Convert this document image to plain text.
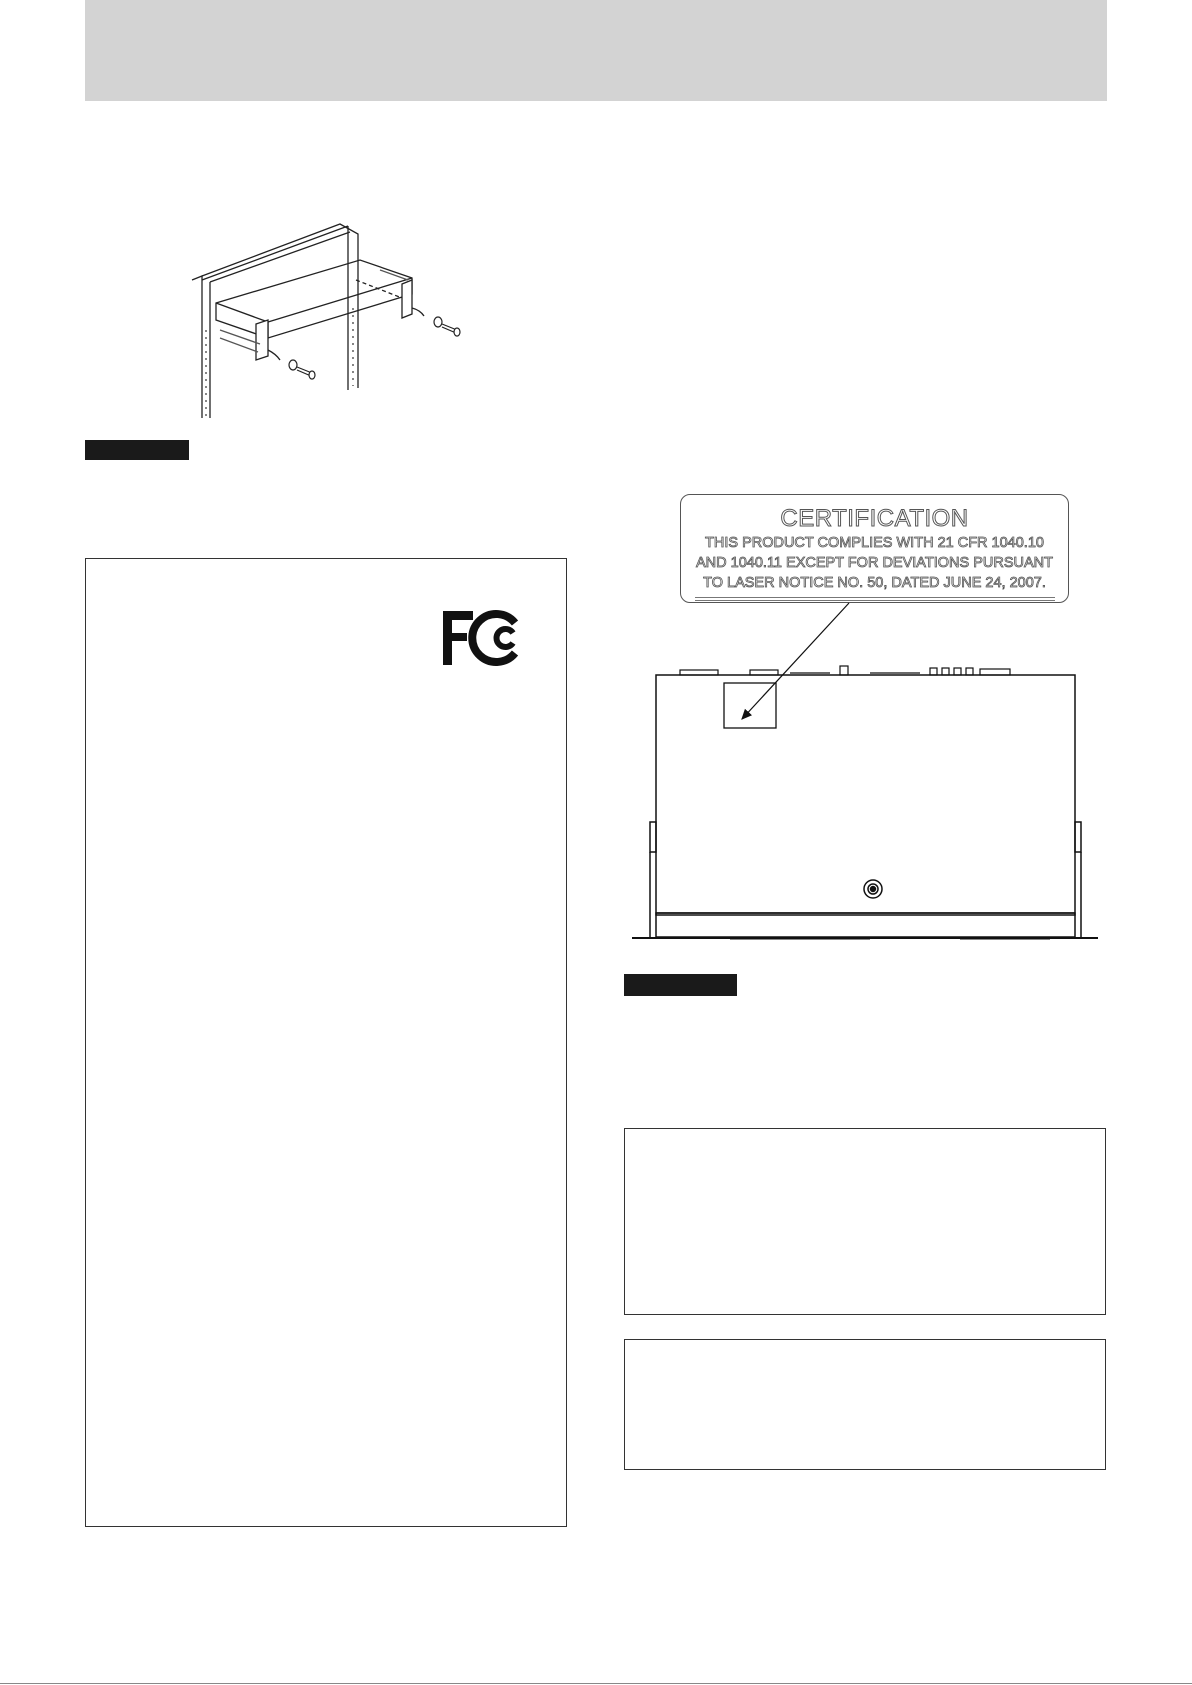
FC
CERTIFICATION
THIS PRODUCT COMPLIES WITH 21 CFR 1040.10
AND 1040.11 EXCEPT FOR DEVIATIONS PURSUANT
TO LASER NOTICE NO. 50, DATED JUNE 24, 2007.
